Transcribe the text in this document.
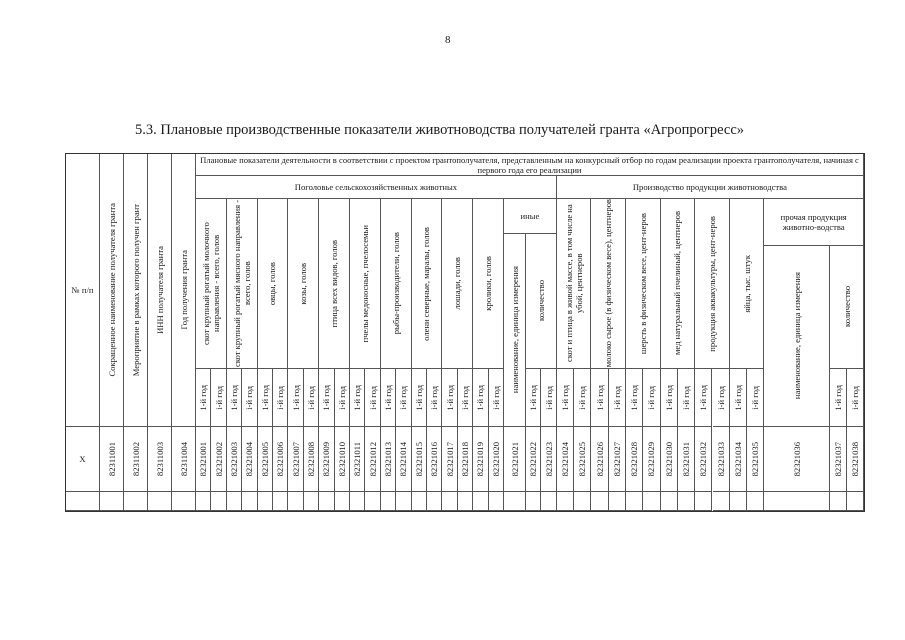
8
5.3. Плановые производственные показатели животноводства получателей гранта «Агропрогресс»
№ п/п
Х
Сокращенное наименование получателя гранта
82311001
Мероприятие в рамках которого получен грант
82311002
ИНН получателя гранта
82311003
Год получения гранта
82311004
Плановые показатели деятельности в соответствии с проектом грантополучателя, представленным на конкурсный отбор по годам реализации проекта грантополучателя, начиная с первого года его реализации
скот крупный рогатый молочного направления - всего, голов
1-й год
82321001
i-й год
82321002
скот крупный рогатый мясного направления - всего, голов
1-й год
82321003
i-й год
82321004
овцы, голов
1-й год
82321005
i-й год
82321006
козы, голов
1-й год
82321007
i-й год
82321008
птица всех видов, голов
1-й год
82321009
i-й год
82321010
пчелы медоносные, пчелосемьи
1-й год
82321011
i-й год
82321012
рыбы-производители, голов
1-й год
82321013
i-й год
82321014
олени северные, маралы, голов
1-й год
82321015
i-й год
82321016
лошади, голов
1-й год
82321017
i-й год
82321018
кролики, голов
1-й год
82321019
i-й год
82321020
иные
наименование, единица измерения
82321021
количество
1-й год
82321022
i-й год
82321023
Поголовье сельскохозяйственных животных
скот и птица в живой массе, в том числе на убой, центнеров
1-й год
82321024
i-й год
82321025
молоко сырое (в физическом весе), центнеров
1-й год
82321026
i-й год
82321027
шерсть в физическом весе, цент-неров
1-й год
82321028
i-й год
82321029
мед натуральный пчелиный, центнеров
1-й год
82321030
i-й год
82321031
продукция аквакультуры, цент-неров
1-й год
82321032
i-й год
82321033
яйца, тыс. штук
1-й год
82321034
i-й год
82321035
прочая продукция животно-водства
наименование, единица измерения
82321036
количество
1-й год
82321037
i-й год
82321038
Производство продукции животноводства
